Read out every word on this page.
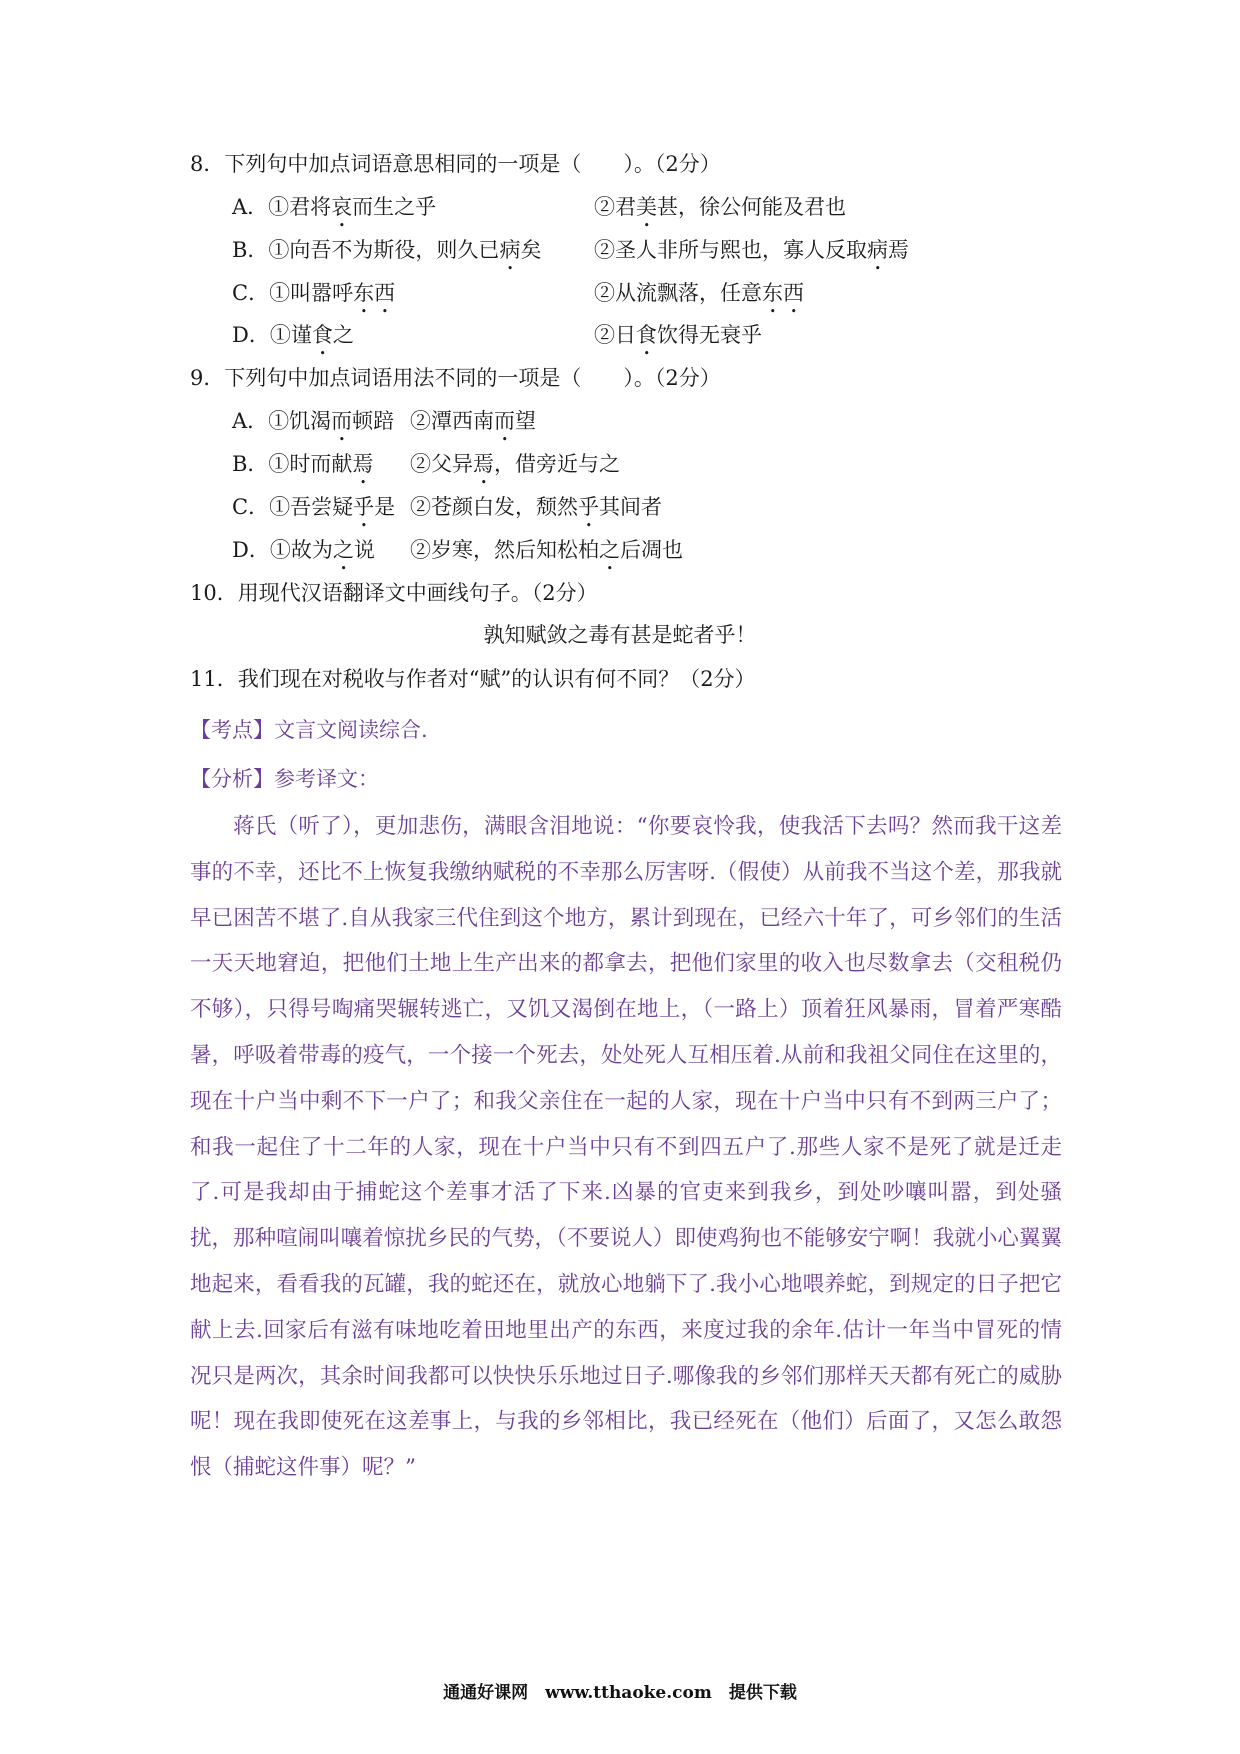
8．下列句中加点词语意思相同的一项是（　　）。（2分）
A．①君将哀而生之乎	②君美甚，徐公何能及君也
B．①向吾不为斯役，则久已病矣	②圣人非所与熙也，寡人反取病焉
C．①叫嚣呼东西	②从流飘落，任意东西
D．①谨食之	②日食饮得无衰乎
9．下列句中加点词语用法不同的一项是（　　）。（2分）
A．①饥渴而顿踣 ②潭西南而望
B．①时而献焉 ②父异焉，借旁近与之
C．①吾尝疑乎是 ②苍颜白发，颓然乎其间者
D．①故为之说 ②岁寒，然后知松柏之后凋也
10．用现代汉语翻译文中画线句子。（2分）
孰知赋敛之毒有甚是蛇者乎！
11．我们现在对税收与作者对“赋”的认识有何不同？（2分）
【考点】文言文阅读综合.
【分析】参考译文：
蒋氏（听了），更加悲伤，满眼含泪地说：“你要哀怜我，使我活下去吗？然而我干这差事的不幸，还比不上恢复我缴纳赋税的不幸那么厉害呀.（假使）从前我不当这个差，那我就早已困苦不堪了.自从我家三代住到这个地方，累计到现在，已经六十年了，可乡邻们的生活一天天地窘迫，把他们土地上生产出来的都拿去，把他们家里的收入也尽数拿去（交租税仍不够），只得号啕痛哭辗转逃亡，又饥又渴倒在地上，（一路上）顶着狂风暴雨，冒着严寒酷暑，呼吸着带毒的疫气，一个接一个死去，处处死人互相压着.从前和我祖父同住在这里的，现在十户当中剩不下一户了；和我父亲住在一起的人家，现在十户当中只有不到两三户了；和我一起住了十二年的人家，现在十户当中只有不到四五户了.那些人家不是死了就是迁走了.可是我却由于捕蛇这个差事才活了下来.凶暴的官吏来到我乡，到处吵嚷叫嚣，到处骚扰，那种喧闹叫嚷着惊扰乡民的气势，（不要说人）即使鸡狗也不能够安宁啊！我就小心翼翼地起来，看看我的瓦罐，我的蛇还在，就放心地躺下了.我小心地喂养蛇，到规定的日子把它献上去.回家后有滋有味地吃着田地里出产的东西，来度过我的余年.估计一年当中冒死的情况只是两次，其余时间我都可以快快乐乐地过日子.哪像我的乡邻们那样天天都有死亡的威胁呢！现在我即使死在这差事上，与我的乡邻相比，我已经死在（他们）后面了，又怎么敢怨恨（捕蛇这件事）呢？”
通通好课网　www.tthaoke.com　提供下载
